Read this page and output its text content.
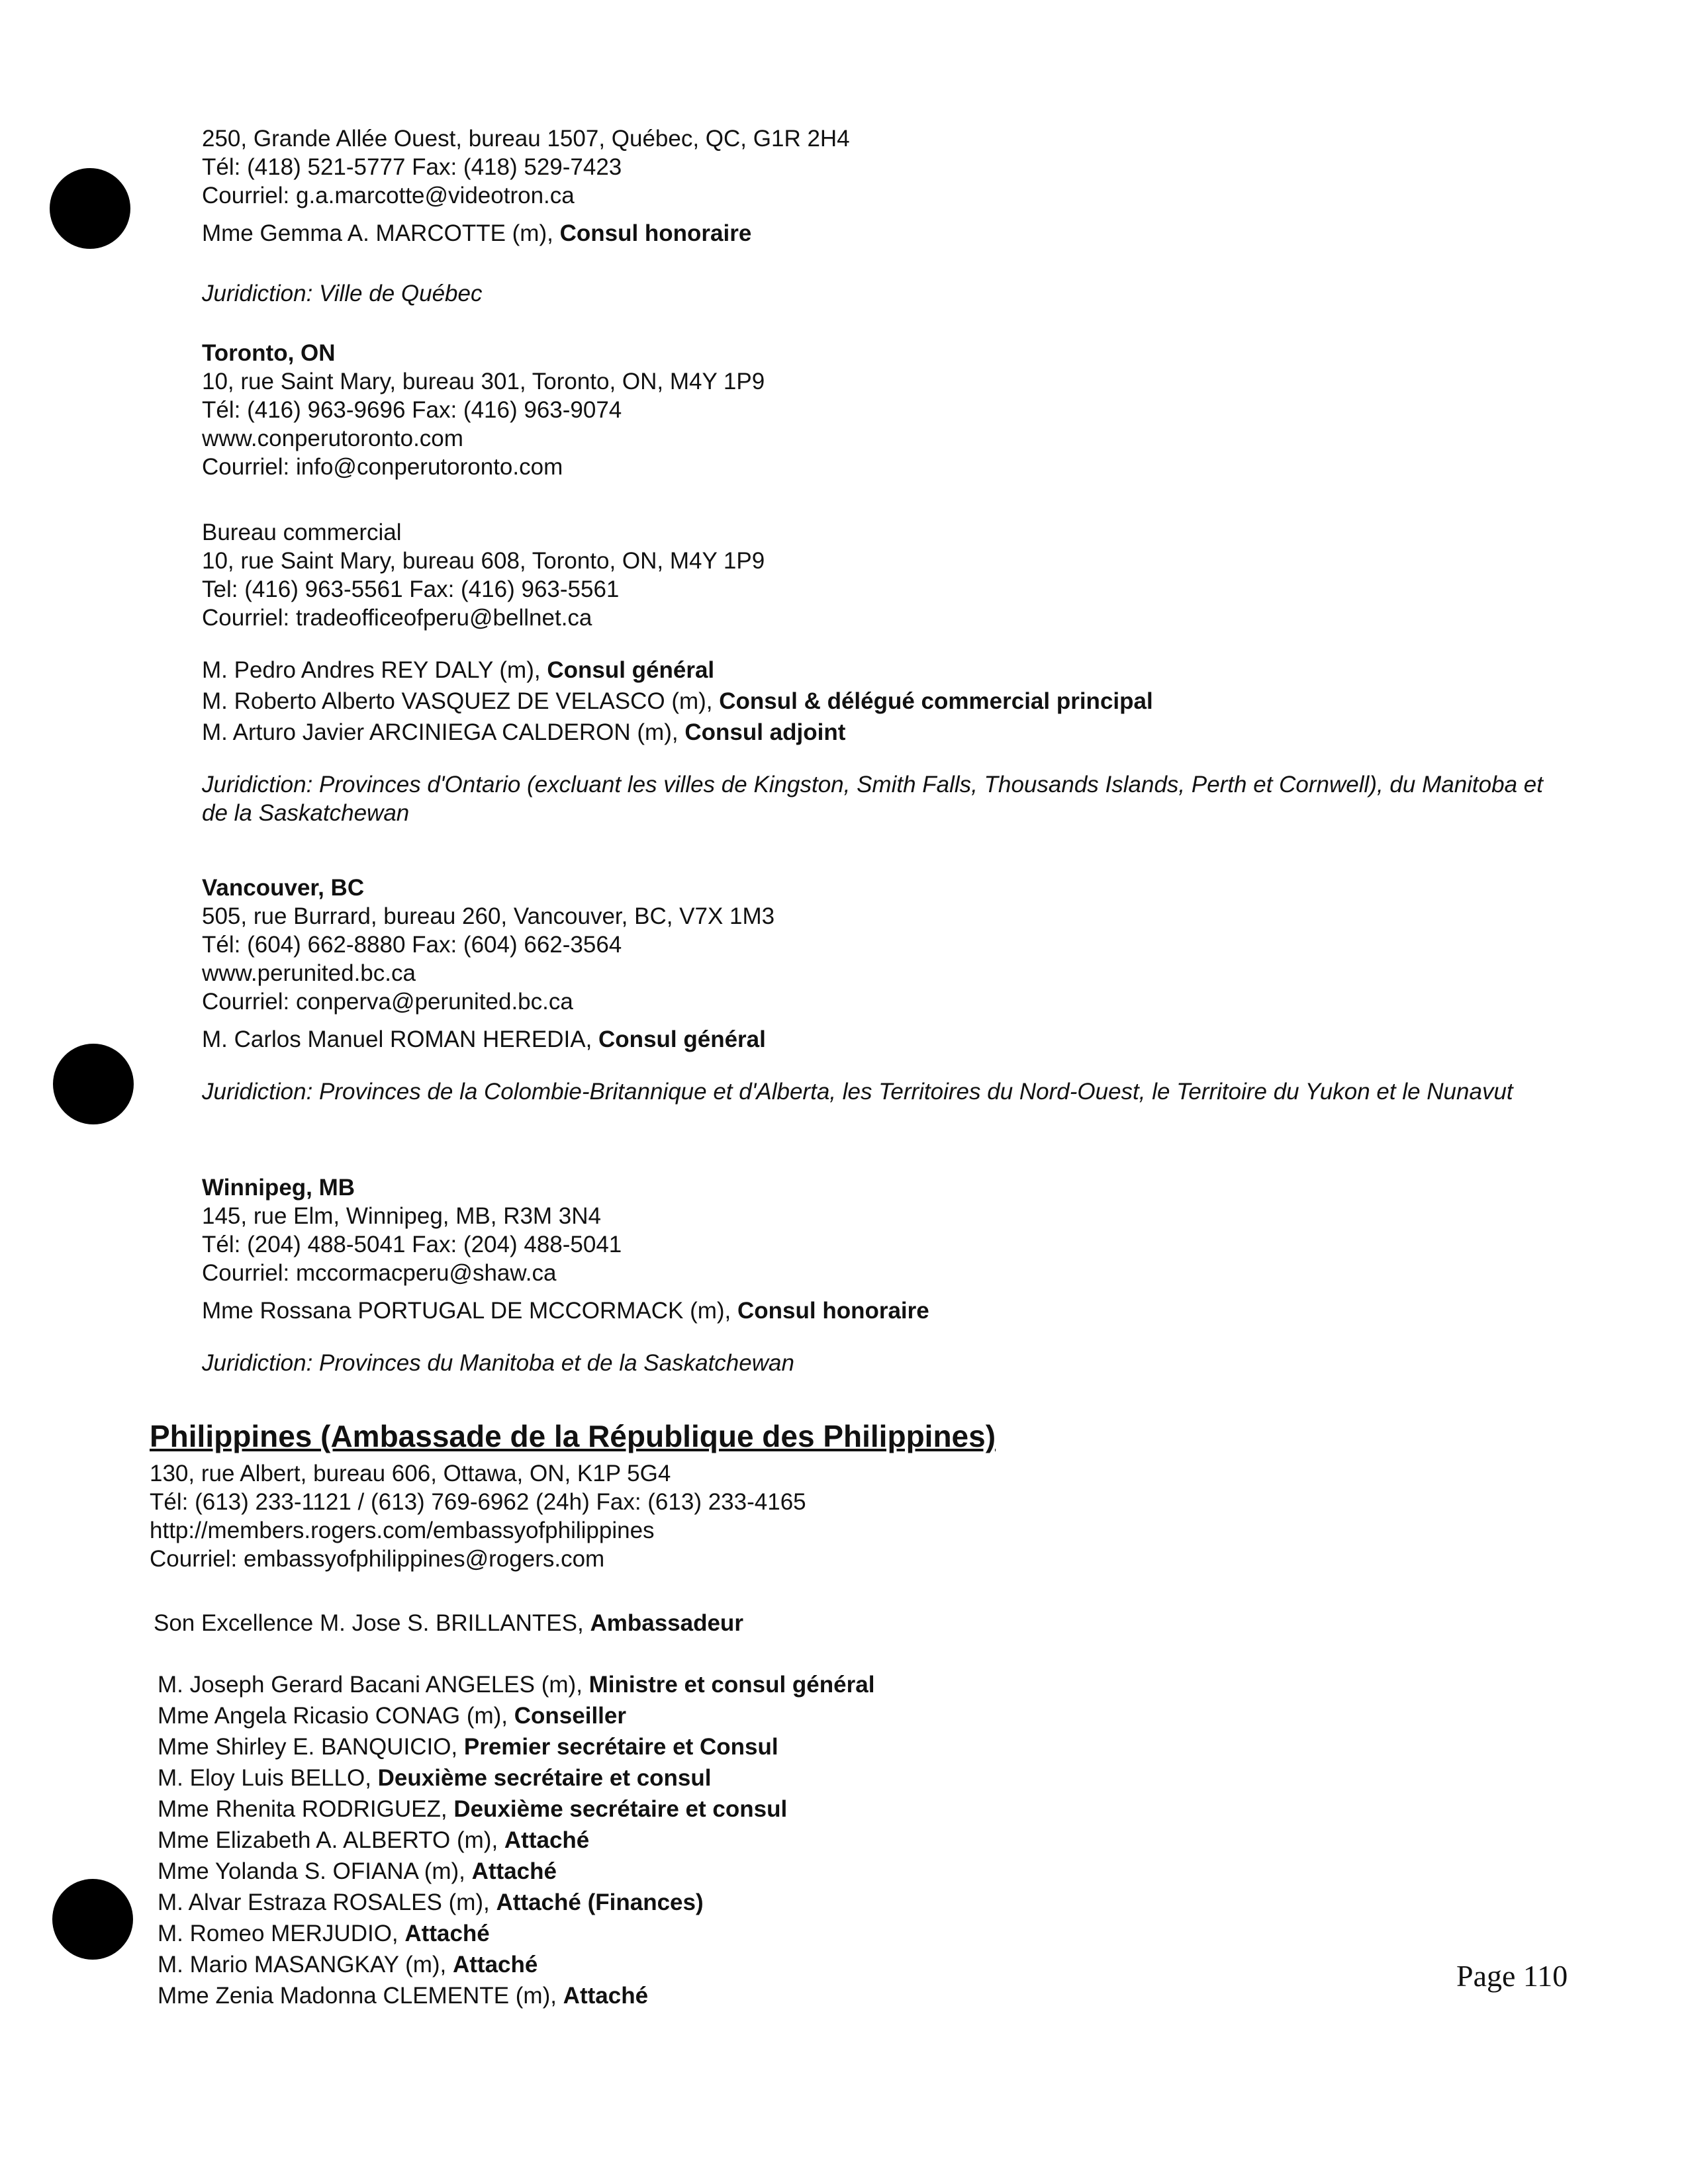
250, Grande Allée Ouest, bureau 1507, Québec, QC, G1R 2H4
Tél: (418) 521-5777 Fax: (418) 529-7423
Courriel: g.a.marcotte@videotron.ca
Mme Gemma A. MARCOTTE (m), Consul honoraire
Juridiction: Ville de Québec
Toronto, ON
10, rue Saint Mary, bureau 301, Toronto, ON, M4Y 1P9
Tél: (416) 963-9696 Fax: (416) 963-9074
www.conperutoronto.com
Courriel: info@conperutoronto.com
Bureau commercial
10, rue Saint Mary, bureau 608, Toronto, ON, M4Y 1P9
Tel: (416) 963-5561 Fax: (416) 963-5561
Courriel: tradeofficeofperu@bellnet.ca
M. Pedro Andres REY DALY (m), Consul général
M. Roberto Alberto VASQUEZ DE VELASCO (m), Consul & délégué commercial principal
M. Arturo Javier ARCINIEGA CALDERON (m), Consul adjoint
Juridiction: Provinces d'Ontario (excluant les villes de Kingston, Smith Falls, Thousands Islands, Perth et Cornwell), du Manitoba et de la Saskatchewan
Vancouver, BC
505, rue Burrard, bureau 260, Vancouver, BC, V7X 1M3
Tél: (604) 662-8880 Fax: (604) 662-3564
www.perunited.bc.ca
Courriel: conperva@perunited.bc.ca
M. Carlos Manuel ROMAN HEREDIA, Consul général
Juridiction: Provinces de la Colombie-Britannique et d'Alberta, les Territoires du Nord-Ouest, le Territoire du Yukon et le Nunavut
Winnipeg, MB
145, rue Elm, Winnipeg, MB, R3M 3N4
Tél: (204) 488-5041 Fax: (204) 488-5041
Courriel: mccormacperu@shaw.ca
Mme Rossana PORTUGAL DE MCCORMACK (m), Consul honoraire
Juridiction: Provinces du Manitoba et de la Saskatchewan
Philippines (Ambassade de la République des Philippines)
130, rue Albert, bureau 606, Ottawa, ON, K1P 5G4
Tél: (613) 233-1121 / (613) 769-6962 (24h) Fax: (613) 233-4165
http://members.rogers.com/embassyofphilippines
Courriel: embassyofphilippines@rogers.com
Son Excellence M. Jose S. BRILLANTES, Ambassadeur
M. Joseph Gerard Bacani ANGELES (m), Ministre et consul général
Mme Angela Ricasio CONAG (m), Conseiller
Mme Shirley E. BANQUICIO, Premier secrétaire et Consul
M. Eloy Luis BELLO, Deuxième secrétaire et consul
Mme Rhenita RODRIGUEZ, Deuxième secrétaire et consul
Mme Elizabeth A. ALBERTO (m), Attaché
Mme Yolanda S. OFIANA (m), Attaché
M. Alvar Estraza ROSALES (m), Attaché (Finances)
M. Romeo MERJUDIO, Attaché
M. Mario MASANGKAY (m), Attaché
Mme Zenia Madonna CLEMENTE (m), Attaché
Page 110
